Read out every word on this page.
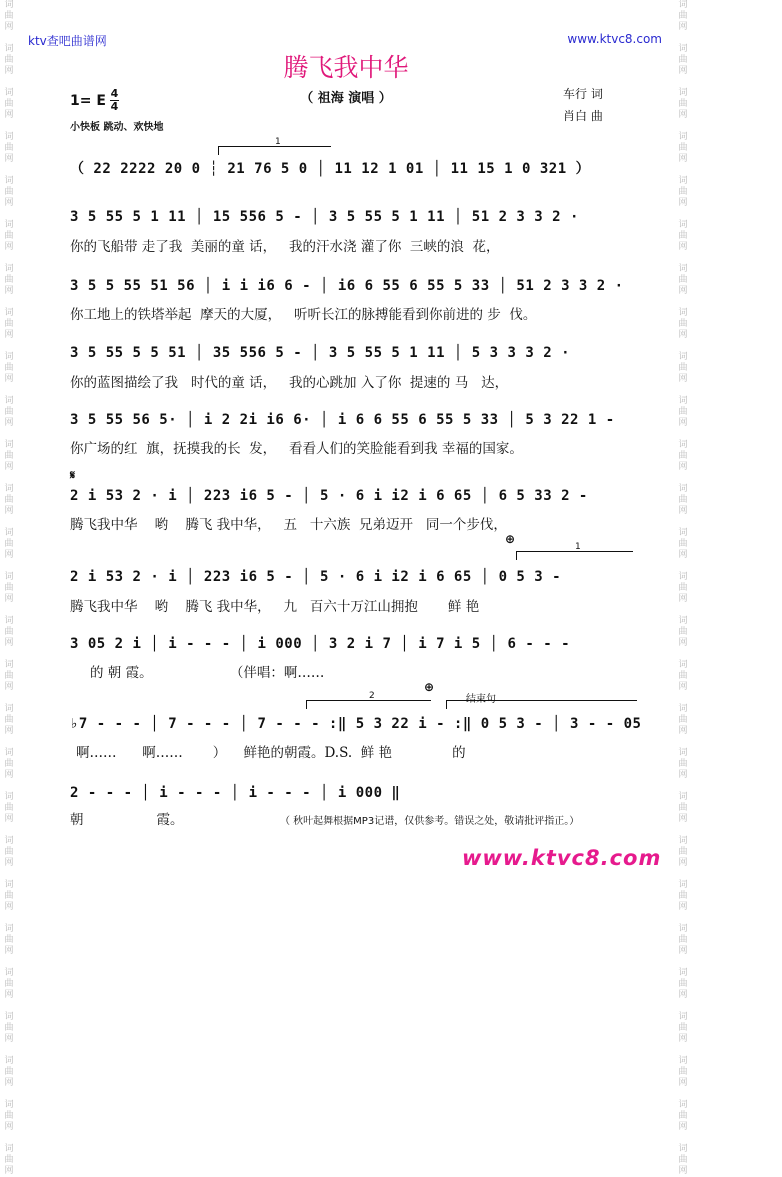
词
曲
网

词
曲
网

词
曲
网

词
曲
网

词
曲
网

词
曲
网

词
曲
网

词
曲
网

词
曲
网

词
曲
网

词
曲
网

词
曲
网

词
曲
网

词
曲
网

词
曲
网

词
曲
网

词
曲
网

词
曲
网

词
曲
网

词
曲
网

词
曲
网

词
曲
网

词
曲
网

词
曲
网

词
曲
网

词
曲
网

词
曲
网

词
曲
网

词
曲
网

词
曲
网

词
曲
网

词
曲
网

词
曲
网

词
曲
网

词
曲
网

词
曲
网

词
曲
网

词
曲
网

词
曲
网

词
曲
网

词
曲
网

词
曲
网

词
曲
网

词
曲
网

词
曲
网

词
曲
网

词
曲
网

词
曲
网

词
曲
网

词
曲
网

词
曲
网

词
曲
网

词
曲
网

词
曲
网

ktv查吧曲谱网	www.ktvc8.com
腾飞我中华
（ 祖海 演唱 ）
1= E 4
4
小快板 跳动、欢快地
车行 词
肖白 曲
1
（ 22 2222 20 0 ┆ 21 76 5 0 │ 11 12 1 01 │ 11 15 1 0 321 ）
3 5 55 5 1 11 │ 15 556 5 - │ 3 5 55 5 1 11 │ 51 2 3 3 2 ·
你的飞船带 走了我  美丽的童 话，   我的汗水浇 灌了你  三峡的浪  花，
3 5 5 55 51 56 │ i i i6 6 - │ i6 6 55 6 55 5 33 │ 51 2 3 3 2 ·
你工地上的铁塔举起  摩天的大厦，   听听长江的脉搏能看到你前进的 步  伐。
3 5 55 5 5 51 │ 35 556 5 - │ 3 5 55 5 1 11 │ 5 3 3 3 2 ·
你的蓝图描绘了我   时代的童 话，   我的心跳加 入了你  提速的 马   达，
3 5 55 56 5· │ i 2 2i i6 6· │ i 6 6 55 6 55 5 33 │ 5 3 22 1 -
你广场的红  旗，抚摸我的长  发，   看看人们的笑脸能看到我 幸福的国家。
𝄋
2 i 53 2 · i │ 223 i6 5 - │ 5 · 6 i i2 i 6 65 │ 6 5 33 2 -
腾飞我中华    哟    腾飞 我中华，   五   十六族  兄弟迈开   同一个步伐，
⊕
1
2 i 53 2 · i │ 223 i6 5 - │ 5 · 6 i i2 i 6 65 │ 0 5 3 -
腾飞我中华    哟    腾飞 我中华，   九   百六十万江山拥抱       鲜 艳
3 05 2 i │ i - - - │ i 000 │ 3 2 i 7 │ i 7 i 5 │ 6 - - -
的 朝 霞。                  （伴唱：啊……
2
⊕
结束句
♭7 - - - │ 7 - - - │ 7 - - - :‖ 5 3 22 i - :‖ 0 5 3 - │ 3 - - 05
啊……      啊……       ）    鲜艳的朝霞。D.S.  鲜 艳              的
2 - - - │ i - - - │ i - - - │ i 000 ‖
朝                 霞。	（ 秋叶起舞根据MP3记谱，仅供参考。错误之处，敬请批评指正。）
www.ktvc8.com
